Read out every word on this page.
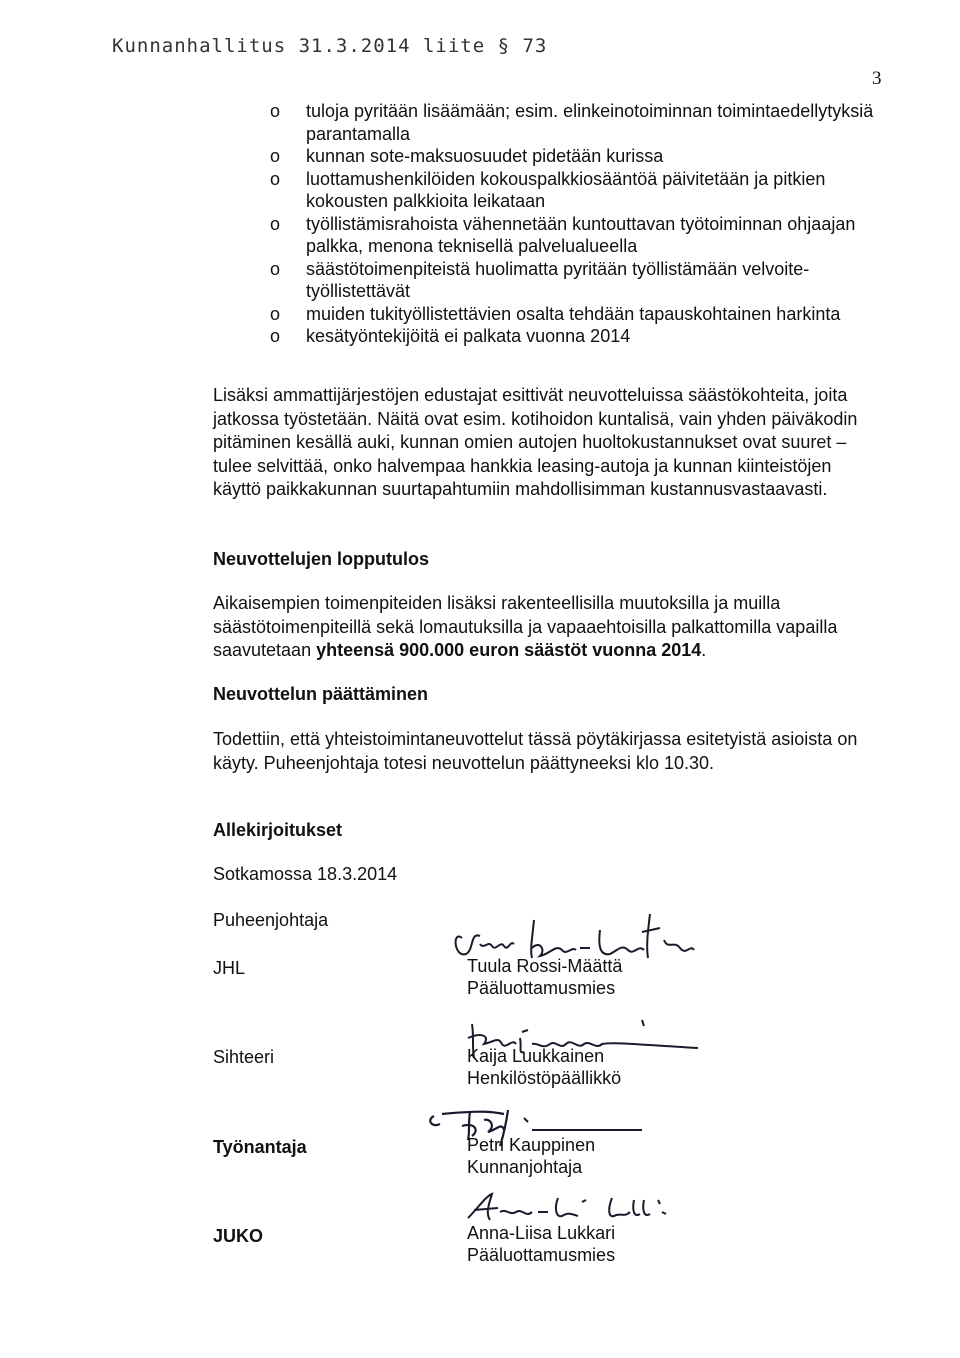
Kunnanhallitus 31.3.2014 liite § 73
3
o tuloja pyritään lisäämään; esim. elinkeinotoiminnan toimintaedellytyksiä parantamalla
o kunnan sote-maksuosuudet pidetään kurissa
o luottamushenkilöiden kokouspalkkiosääntöä päivitetään ja pitkien kokousten palkkioita leikataan
o työllistämisrahoista vähennetään kuntouttavan työtoiminnan ohjaajan palkka, menona teknisellä palvelualueella
o säästötoimenpiteistä huolimatta pyritään työllistämään velvoitetyöllistettävät
o muiden tukityöllistettävien osalta tehdään tapauskohtainen harkinta
o kesätyöntekijöitä ei palkata vuonna 2014
Lisäksi ammattijärjestöjen edustajat esittivät neuvotteluissa säästökohteita, joita jatkossa työstetään. Näitä ovat esim. kotihoidon kuntalisä, vain yhden päiväkodin pitäminen kesällä auki, kunnan omien autojen huoltokustannukset ovat suuret – tulee selvittää, onko halvempaa hankkia leasing-autoja ja kunnan kiinteistöjen käyttö paikkakunnan suurtapahtumiin mahdollisimman kustannusvastaavasti.
Neuvottelujen lopputulos
Aikaisempien toimenpiteiden lisäksi rakenteellisilla muutoksilla ja muilla säästötoimenpiteillä sekä lomautuksilla ja vapaaehtoisilla palkattomilla vapailla saavutetaan yhteensä 900.000 euron säästöt vuonna 2014.
Neuvottelun päättäminen
Todettiin, että yhteistoimintaneuvottelut tässä pöytäkirjassa esitetyistä asioista on käyty. Puheenjohtaja totesi neuvottelun päättyneeksi klo 10.30.
Allekirjoitukset
Sotkamossa 18.3.2014
Puheenjohtaja
JHL	Tuula Rossi-Määttä
Pääluottamusmies
Sihteeri	Kaija Luukkainen
Henkilöstöpäällikkö
Työnantaja	Petri Kauppinen
Kunnanjohtaja
JUKO	Anna-Liisa Lukkari
Pääluottamusmies
